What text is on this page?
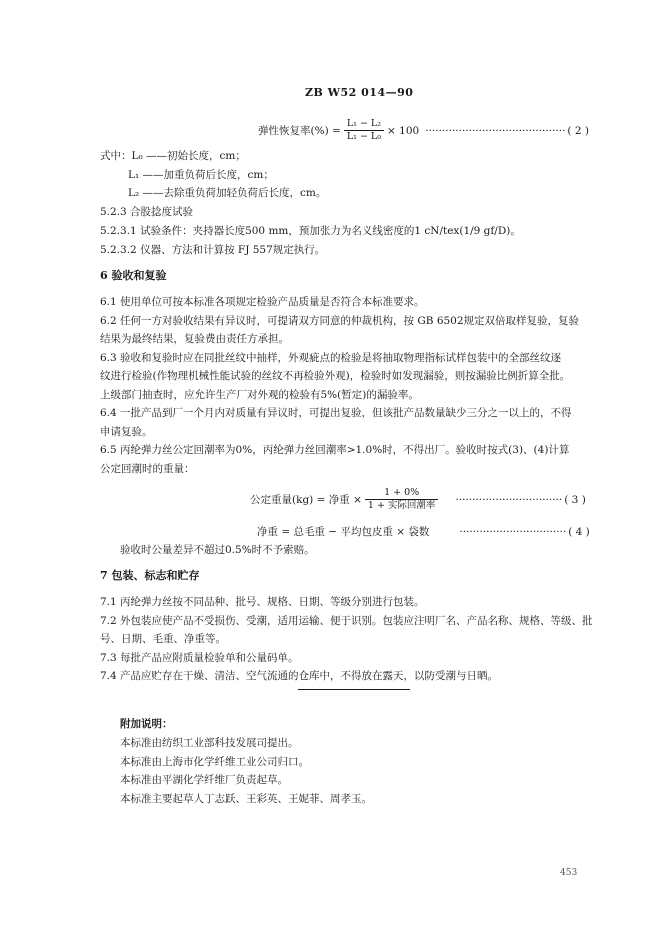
ZB W52 014—90
弹性恢复率(%) = $\frac{\text{L₁ − L₂}}{\text{L₁ − L₀}} \times 100$ ·········································· ( 2 )
式中：L₀ ——初始长度，cm；
L₁ ——加重负荷后长度，cm；
L₂ ——去除重负荷加轻负荷后长度，cm。
5.2.3 合股捻度试验
5.2.3.1 试验条件：夹持器长度500 mm，预加张力为名义线密度的1 cN/tex(1/9 gf/D)。
5.2.3.2 仪器、方法和计算按 FJ 557规定执行。
6 验收和复验
6.1 使用单位可按本标准各项规定检验产品质量是否符合本标准要求。
6.2 任何一方对验收结果有异议时，可提请双方同意的仲裁机构，按 GB 6502规定双倍取样复验，复验
结果为最终结果，复验费由责任方承担。
6.3 验收和复验时应在同批丝纹中抽样，外观疵点的检验是将抽取物理指标试样包装中的全部丝纹逐
纹进行检验(作物理机械性能试验的丝纹不再检验外观)，检验时如发现漏验，则按漏验比例折算全批。
上级部门抽查时，应允许生产厂对外观的检验有5%(暂定)的漏验率。
6.4 一批产品到厂一个月内对质量有异议时，可提出复验，但该批产品数量缺少三分之一以上的，不得
申请复验。
6.5 丙纶弹力丝公定回潮率为0%，丙纶弹力丝回潮率>1.0%时，不得出厂。验收时按式(3)、(4)计算
公定回潮时的重量：
公定重量(kg) = 净重 × $\frac{1 + 0\%}{\text{1 + 实际回潮率}}$ ································ ( 3 )
净重 = 总毛重 − 平均包皮重 × 袋数	································ ( 4 )
验收时公量差异不超过0.5%时不予索赔。
7 包装、标志和贮存
7.1 丙纶弹力丝按不同品种、批号、规格、日期、等级分别进行包装。
7.2 外包装应使产品不受损伤、受潮，适用运输、便于识别。包装应注明厂名、产品名称、规格、等级、批
号、日期、毛重、净重等。
7.3 每批产品应附质量检验单和公量码单。
7.4 产品应贮存在干燥、清洁、空气流通的仓库中，不得放在露天，以防受潮与日晒。
附加说明：
本标准由纺织工业部科技发展司提出。
本标准由上海市化学纤维工业公司归口。
本标准由平湖化学纤维厂负责起草。
本标准主要起草人丁志跃、王彩英、王妮菲、周孝玉。
453
